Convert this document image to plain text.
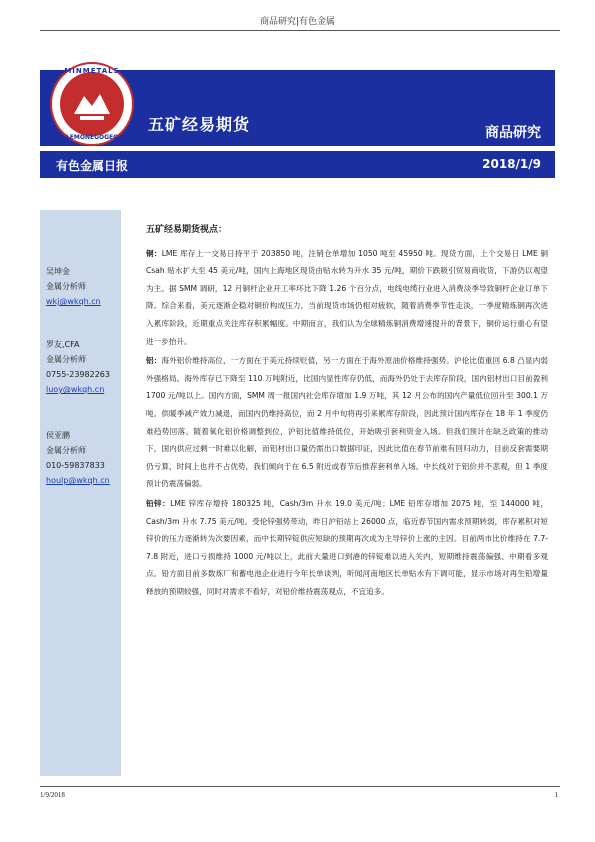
商品研究|有色金属
MINMETALS
LEMONEGOGEG
五矿经易期货	商品研究
有色金属日报	2018/1/9
吴坤金
金属分析师
wkj@wkqh.cn
罗友,CFA
金属分析师
0755-23982263
luoy@wkqh.cn
侯亚鹏
金属分析师
010-59837833
houlp@wkqh.cn
五矿经易期货视点：

铜：LME 库存上一交易日持平于 203850 吨，注销仓单增加 1050 吨至 45950 吨。现货方面，上个交易日 LME 铜 Csah 贴水扩大至 45 美元/吨，国内上海地区现货由贴水转为升水 35 元/吨，期价下跌吸引贸易商收货，下游仍以观望为主。据 SMM 调研，12 月铜杆企业开工率环比下降 1.26 个百分点，电线电缆行业进入消费淡季导致铜杆企业订单下降。综合来看，美元逐渐企稳对铜价构成压力，当前现货市场仍相对疲软，随着消费季节性走淡，一季度精炼铜再次进入累库阶段，近期重点关注库存积累幅度。中期而言，我们认为全球精炼铜消费增速提升的背景下，铜价运行重心有望进一步抬升。

铝：海外铝价维持高位，一方面在于美元持续贬值，另一方面在于海外原油价格维持强势。沪伦比值重回 6.8 凸显内弱外强格局。海外库存已下降至 110 万吨附近，比国内显性库存仍低，而海外仍处于去库存阶段，国内铝材出口目前盈利 1700 元/吨以上。国内方面，SMM 周一报国内社会库存增加 1.9 万吨，其 12 月公布的国内产量低位回升至 300.1 万吨。供暖季减产效力减退，而国内仍维持高位，而 2 月中旬将再引来累库存阶段，因此预计国内库存在 18 年 1 季度仍难趋势回落。随着氧化铝价格调整到位，沪铝比值维持低位，开始吸引套利资金入场。但我们预计在缺乏政策的推动下，国内供应过剩一时难以化解，而铝材出口量仍需出口数据印证，因此比值在春节前难有回归动力，目前反套需要期仍亏算，时间上也并不占优势，我们倾向于在 6.5 附近或春节后推荐套利单入场。中长线对于铝价并不悲观，但 1 季度预计仍震荡偏弱。

铅锌：LME 锌库存增持 180325 吨，Cash/3m 升水 19.0 美元/吨；LME 铅库存增加 2075 吨，至 144000 吨，Cash/3m 升水 7.75 美元/吨。受伦锌强势带动，昨日沪铅站上 26000 点，临近春节国内需求预期转弱，库存累积对短锌价的压力逐渐转为次要因素，而中长期锌锭供应短缺的预期再次成为主导锌价上涨的主因。目前两市比价维持在 7.7-7.8 附近，进口亏损维持 1000 元/吨以上，此前大量进口到港的锌锭难以进入关内，短期维持震荡偏强、中期看多观点。铅方面目前多数炼厂和蓄电池企业进行今年长单谈判，听闻河南地区长单贴水有下调可能，显示市场对再生铅增量释放的预期较强，同时对需求不看好，对铅价维持震荡观点，不宜追多。

1/9/2018	1
